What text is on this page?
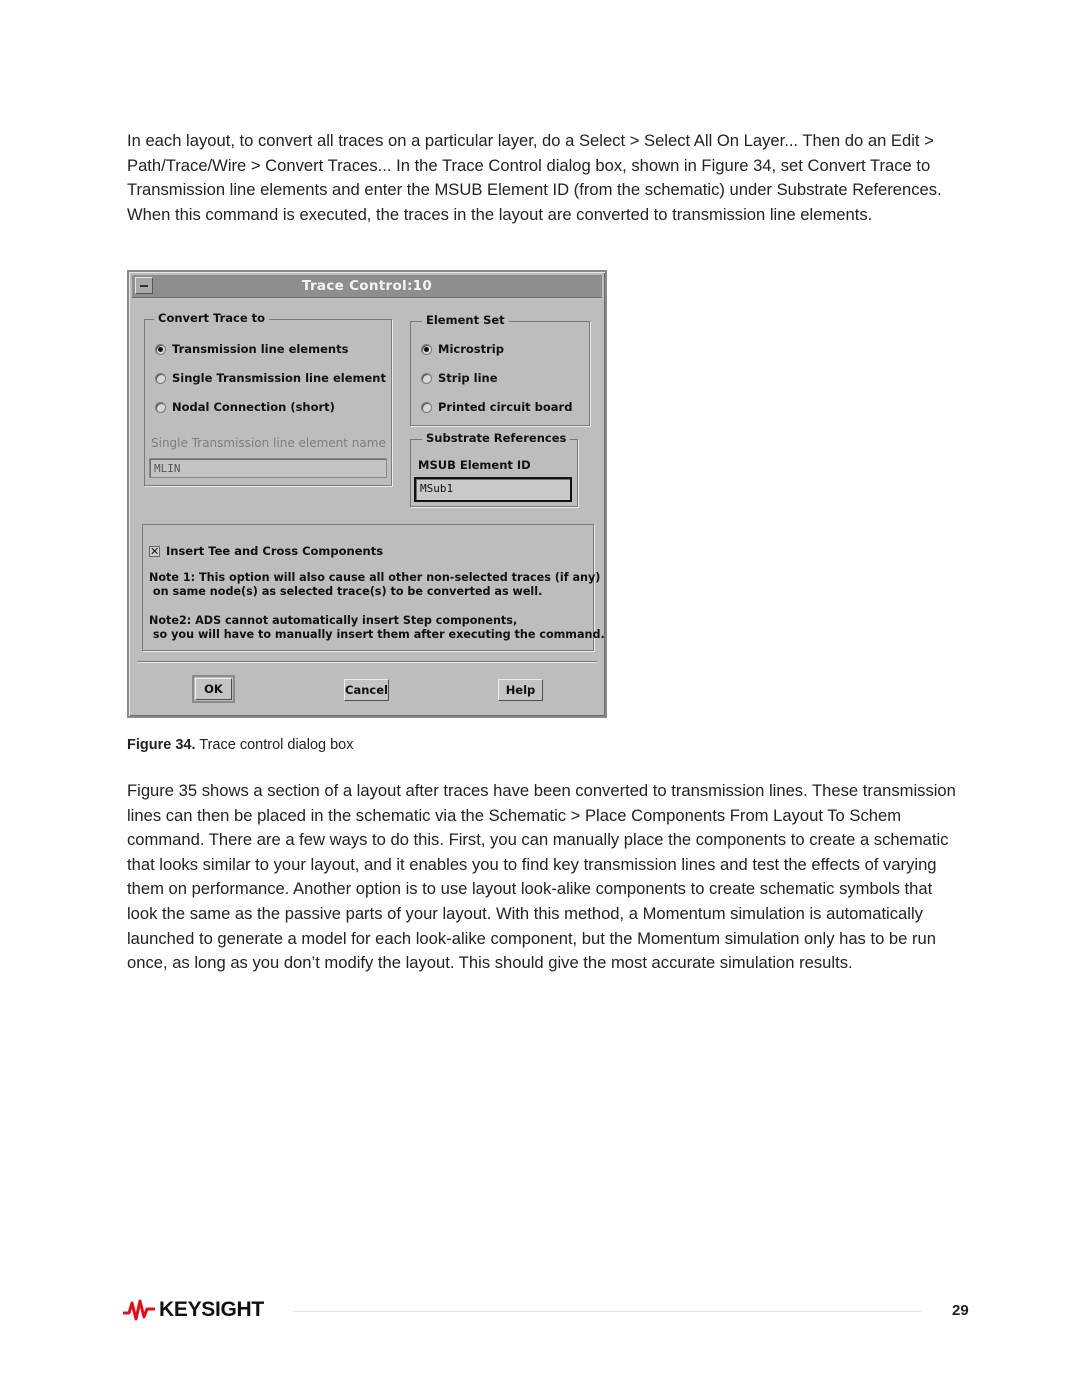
In each layout, to convert all traces on a particular layer, do a Select > Select All On Layer... Then do an Edit > Path/Trace/Wire > Convert Traces... In the Trace Control dialog box, shown in Figure 34, set Convert Trace to Transmission line elements and enter the MSUB Element ID (from the schematic) under Substrate References. When this command is executed, the traces in the layout are converted to transmission line elements.

Trace Control:10
Convert Trace to
Transmission line elements
Single Transmission line element
Nodal Connection (short)
Single Transmission line element name
MLIN
Element Set
Microstrip
Strip line
Printed circuit board
Substrate References
MSUB Element ID
MSub1
✕ Insert Tee and Cross Components
Note 1: This option will also cause all other non-selected traces (if any)
on same node(s) as selected trace(s) to be converted as well.
Note2: ADS cannot automatically insert Step components,
so you will have to manually insert them after executing the command.
OK	Cancel	Help
Figure 34. Trace control dialog box

Figure 35 shows a section of a layout after traces have been converted to transmission lines. These transmission lines can then be placed in the schematic via the Schematic > Place Components From Layout To Schem command. There are a few ways to do this. First, you can manually place the components to create a schematic that looks similar to your layout, and it enables you to find key transmission lines and test the effects of varying them on performance. Another option is to use layout look-alike components to create schematic symbols that look the same as the passive parts of your layout. With this method, a Momentum simulation is automatically launched to generate a model for each look-alike component, but the Momentum simulation only has to be run once, as long as you don’t modify the layout. This should give the most accurate simulation results.

KEYSIGHT	29
